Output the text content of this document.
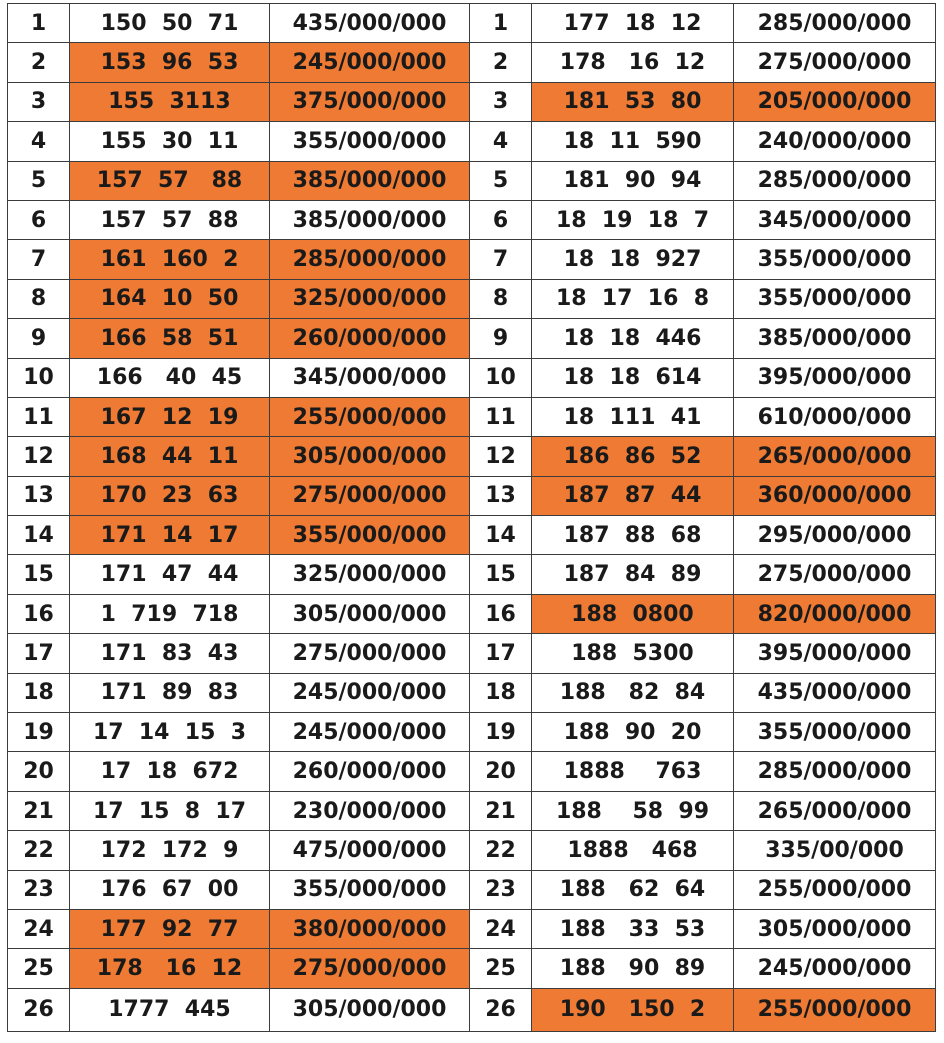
1	150  50  71	435/000/000	1	177  18  12	285/000/000
2	153  96  53	245/000/000	2	178   16  12	275/000/000
3	155  3113	375/000/000	3	181  53  80	205/000/000
4	155  30  11	355/000/000	4	18  11  590	240/000/000
5	157  57   88	385/000/000	5	181  90  94	285/000/000
6	157  57  88	385/000/000	6	18  19  18  7	345/000/000
7	161  160  2	285/000/000	7	18  18  927	355/000/000
8	164  10  50	325/000/000	8	18  17  16  8	355/000/000
9	166  58  51	260/000/000	9	18  18  446	385/000/000
10	166   40  45	345/000/000	10	18  18  614	395/000/000
11	167  12  19	255/000/000	11	18  111  41	610/000/000
12	168  44  11	305/000/000	12	186  86  52	265/000/000
13	170  23  63	275/000/000	13	187  87  44	360/000/000
14	171  14  17	355/000/000	14	187  88  68	295/000/000
15	171  47  44	325/000/000	15	187  84  89	275/000/000
16	1  719  718	305/000/000	16	188  0800	820/000/000
17	171  83  43	275/000/000	17	188  5300	395/000/000
18	171  89  83	245/000/000	18	188   82  84	435/000/000
19	17  14  15  3	245/000/000	19	188  90  20	355/000/000
20	17  18  672	260/000/000	20	1888    763	285/000/000
21	17  15  8  17	230/000/000	21	188    58  99	265/000/000
22	172  172  9	475/000/000	22	1888   468	335/00/000
23	176  67  00	355/000/000	23	188   62  64	255/000/000
24	177  92  77	380/000/000	24	188   33  53	305/000/000
25	178   16  12	275/000/000	25	188   90  89	245/000/000
26	1777  445	305/000/000	26	190   150  2	255/000/000
